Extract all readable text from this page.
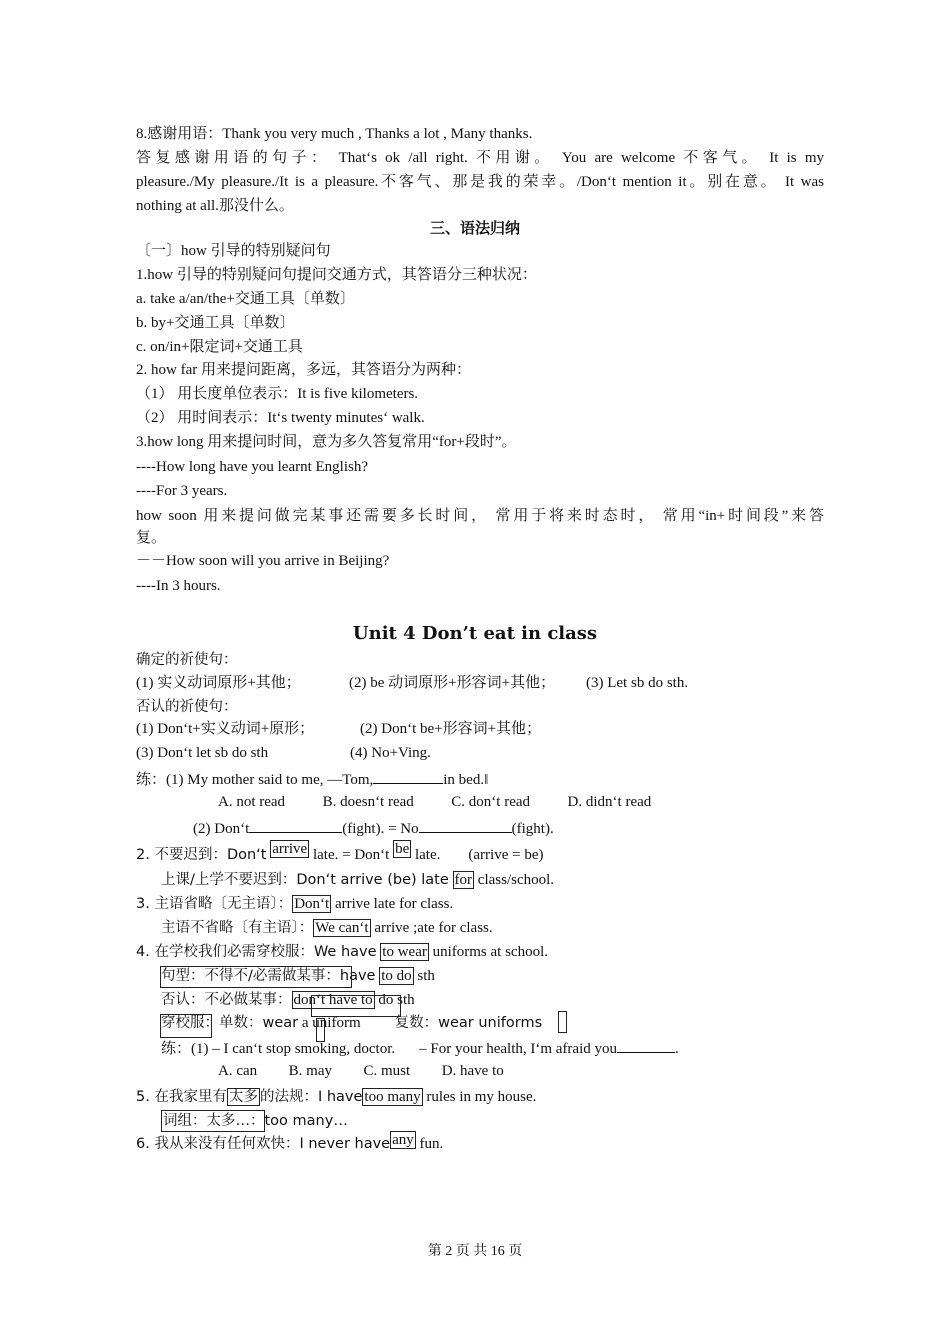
8.感谢用语：Thank you very much , Thanks a lot , Many thanks.
答复感谢用语的句子： That‘s ok /all right. 不用谢。 You are welcome 不客气。 It is my
pleasure./My pleasure./It is a pleasure.不客气、那是我的荣幸。/Don‘t mention it。别在意。 It was
nothing at all.那没什么。
三、语法归纳
〔一〕how 引导的特别疑问句
1.how 引导的特别疑问句提问交通方式，其答语分三种状况：
a. take a/an/the+交通工具〔单数〕
b. by+交通工具〔单数〕
c. on/in+限定词+交通工具
2. how far 用来提问距离，多远，其答语分为两种：
（1） 用长度单位表示：It is five kilometers.
（2） 用时间表示：It‘s twenty minutes‘ walk.
3.how long 用来提问时间，意为多久答复常用“for+段时”。
----How long have you learnt English?
----For 3 years.
how soon 用来提问做完某事还需要多长时间， 常用于将来时态时， 常用“in+时间段”来答
复。
－－How soon will you arrive in Beijing?
----In 3 hours.
Unit 4 Don’t eat in class
确定的祈使句：
(1) 实义动词原形+其他；	(2) be 动词原形+形容词+其他； (3) Let sb do sth.
否认的祈使句：
(1) Don‘t+实义动词+原形；	(2) Don‘t be+形容词+其他；
(3) Don‘t let sb do sth	(4) No+Ving.
练：(1) My mother said to me, —Tom,	in bed.‖
A. not read	B. doesn‘t read	C. don‘t read	D. didn‘t read
(2) Don‘t	(fight). = No	(fight).
2. 不要迟到：Don‘t arrive late. = Don‘t be late. (arrive = be)
上课/上学不要迟到：Don‘t arrive (be) late for class/school.
3. 主语省略〔无主语〕： Don‘t arrive late for class.
主语不省略〔有主语〕： We can‘t arrive ;ate for class.
4. 在学校我们必需穿校服：We have to wear uniforms at school.
句型：不得不/必需做某事：have to do sth
否认：不必做某事： don‘t have to do sth
穿校服：单数：wear a uniform 复数：wear uniforms
练：(1) – I can‘t stop smoking, doctor. – For your health, I‘m afraid you	.
A. can B. may C. must D. have to
5. 在我家里有 太多 的法规：I have too many rules in my house.
词组：太多…：too many…
6. 我从来没有任何欢快：I never have any fun.
第 2 页 共 16 页
